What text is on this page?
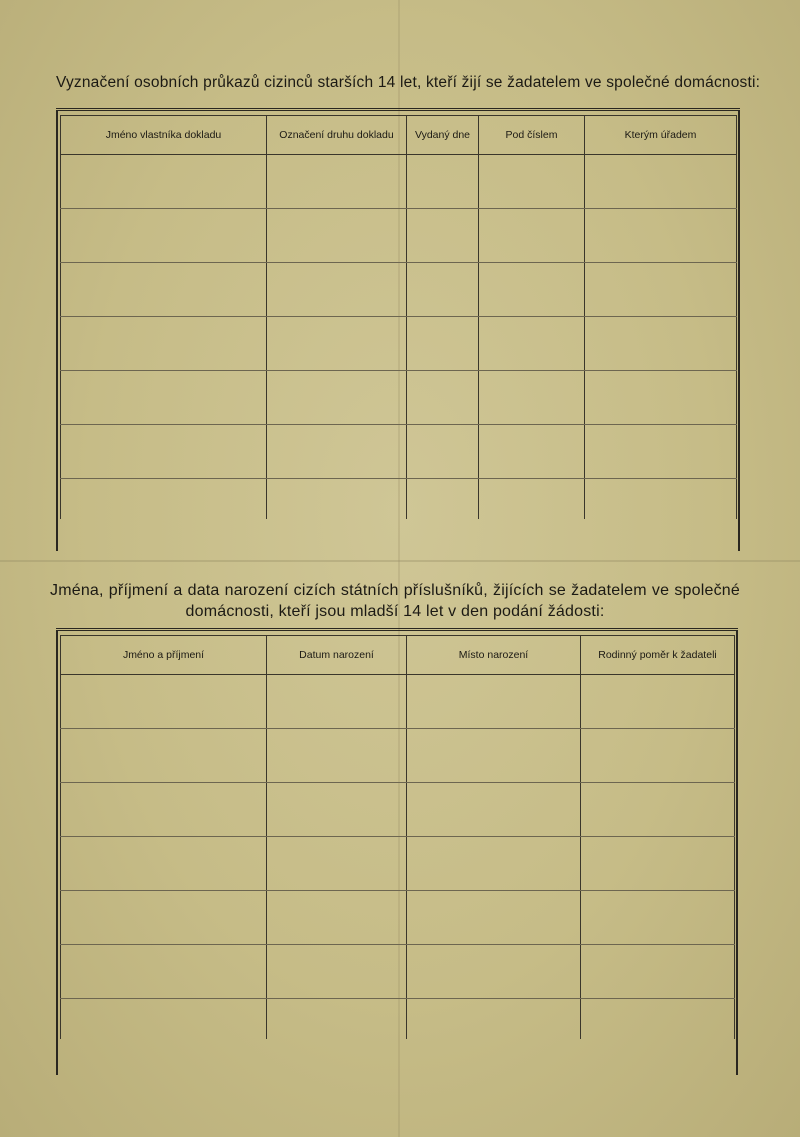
Vyznačení osobních průkazů cizinců starších 14 let, kteří žijí se žadatelem ve společné domácnosti:
Jméno vlastníka dokladu	Označení druhu dokladu	Vydaný dne	Pod číslem	Kterým úřadem

Jména, příjmení a data narození cizích státních příslušníků, žijících se žadatelem ve společné
domácnosti, kteří jsou mladší 14 let v den podání žádosti:
Jméno a příjmení	Datum narození	Místo narození	Rodinný poměr k žadateli
